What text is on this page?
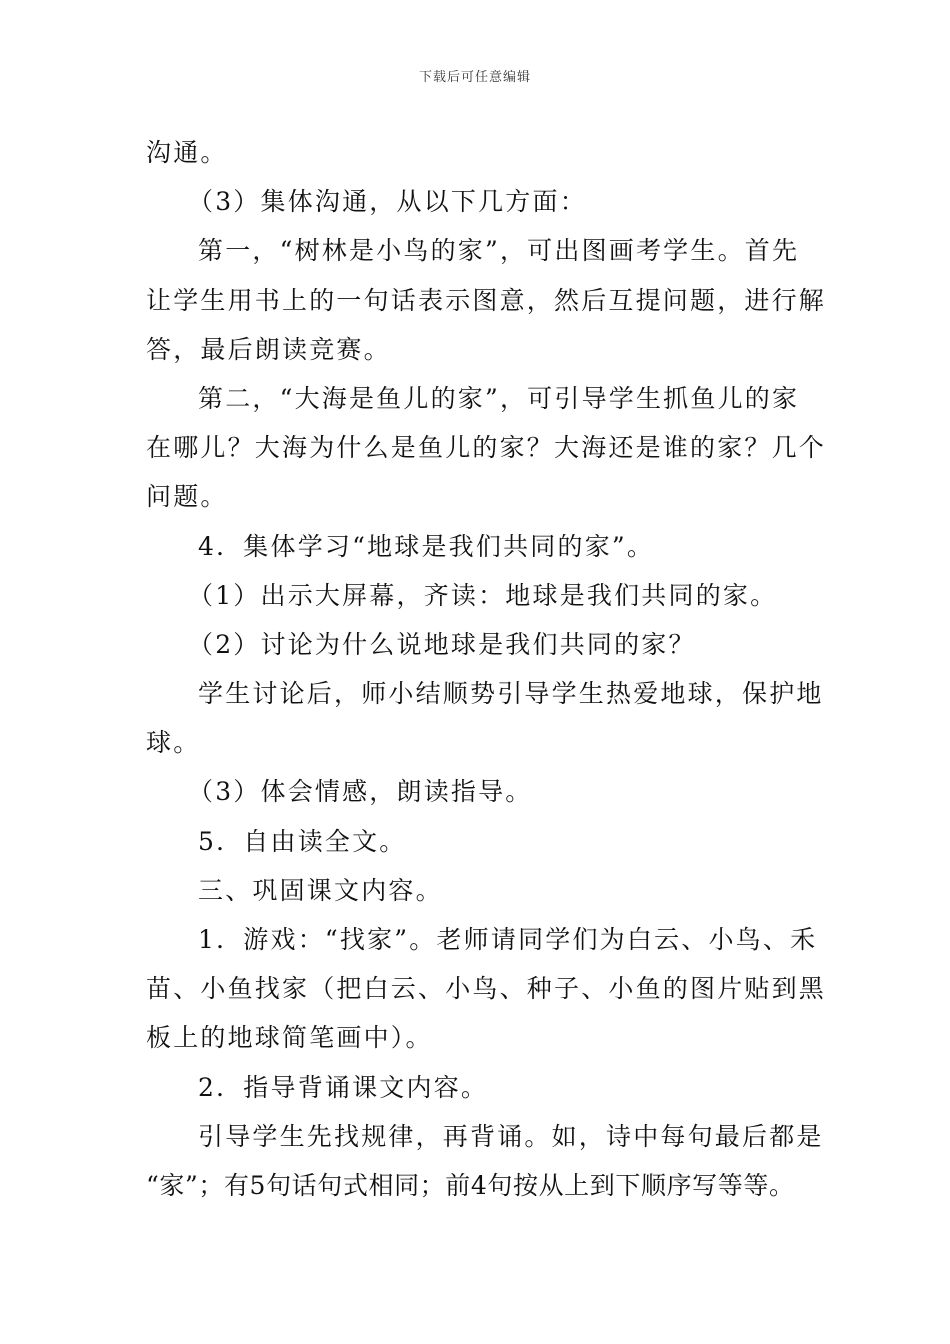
下载后可任意编辑
沟通。
（3）集体沟通，从以下几方面：
第一，“树林是小鸟的家”，可出图画考学生。首先
让学生用书上的一句话表示图意，然后互提问题，进行解
答，最后朗读竞赛。
第二，“大海是鱼儿的家”，可引导学生抓鱼儿的家
在哪儿？大海为什么是鱼儿的家？大海还是谁的家？几个
问题。
4．集体学习“地球是我们共同的家”。
（1）出示大屏幕，齐读：地球是我们共同的家。
（2）讨论为什么说地球是我们共同的家？
学生讨论后，师小结顺势引导学生热爱地球，保护地
球。
（3）体会情感，朗读指导。
5．自由读全文。
三、巩固课文内容。
1．游戏：“找家”。老师请同学们为白云、小鸟、禾
苗、小鱼找家（把白云、小鸟、种子、小鱼的图片贴到黑
板上的地球简笔画中）。
2．指导背诵课文内容。
引导学生先找规律，再背诵。如，诗中每句最后都是
“家”；有5句话句式相同；前4句按从上到下顺序写等等。
